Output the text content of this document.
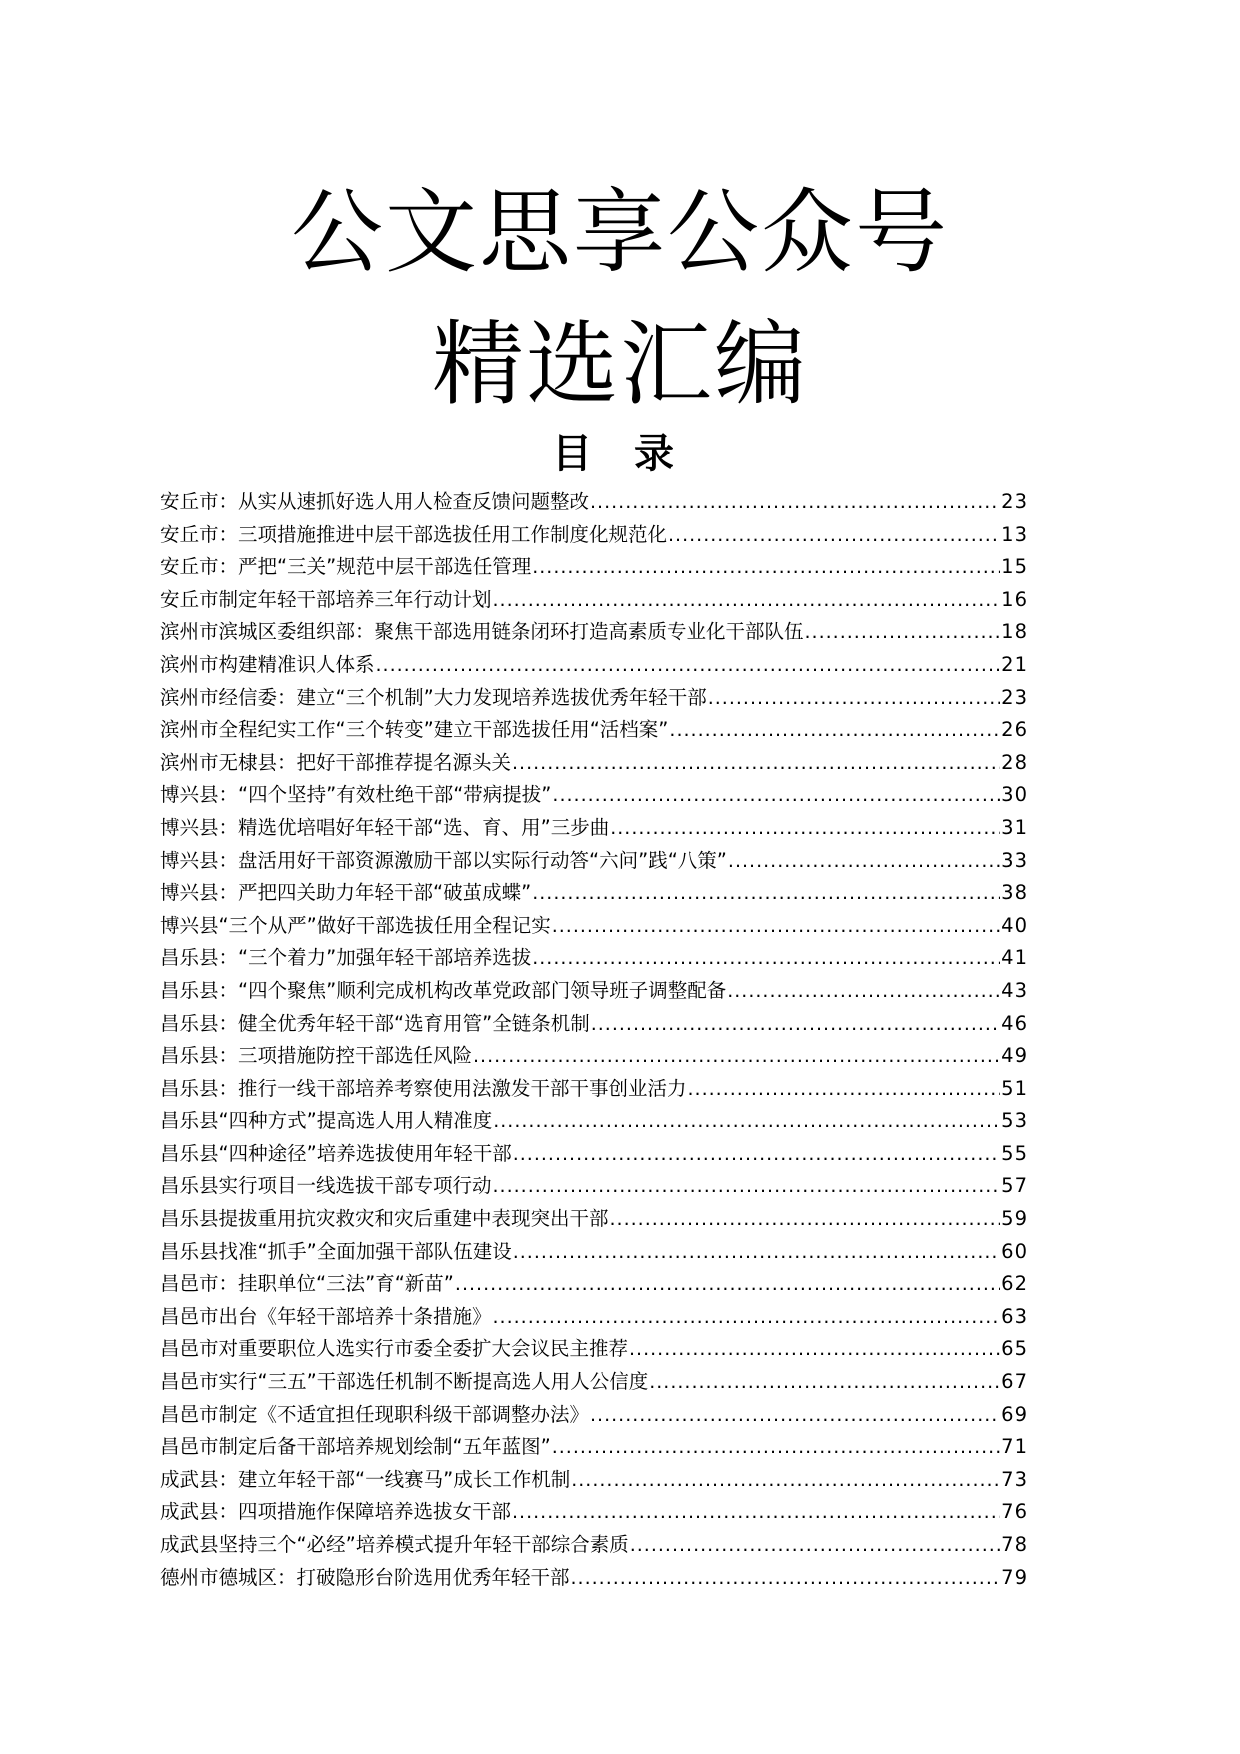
公文思享公众号
精选汇编
目 录
安丘市：从实从速抓好选人用人检查反馈问题整改 .....	23
安丘市：三项措施推进中层干部选拔任用工作制度化规范化 .....	13
安丘市：严把“三关”规范中层干部选任管理 .....	15
安丘市制定年轻干部培养三年行动计划 .....	16
滨州市滨城区委组织部：聚焦干部选用链条闭环打造高素质专业化干部队伍 .....	18
滨州市构建精准识人体系 .....	21
滨州市经信委：建立“三个机制”大力发现培养选拔优秀年轻干部 .....	23
滨州市全程纪实工作“三个转变”建立干部选拔任用“活档案” .....	26
滨州市无棣县：把好干部推荐提名源头关 .....	28
博兴县：“四个坚持”有效杜绝干部“带病提拔” .....	30
博兴县：精选优培唱好年轻干部“选、育、用”三步曲 .....	31
博兴县：盘活用好干部资源激励干部以实际行动答“六问”践“八策” .....	33
博兴县：严把四关助力年轻干部“破茧成蝶” .....	38
博兴县“三个从严”做好干部选拔任用全程记实 .....	40
昌乐县：“三个着力”加强年轻干部培养选拔 .....	41
昌乐县：“四个聚焦”顺利完成机构改革党政部门领导班子调整配备 .....	43
昌乐县：健全优秀年轻干部“选育用管”全链条机制 .....	46
昌乐县：三项措施防控干部选任风险 .....	49
昌乐县：推行一线干部培养考察使用法激发干部干事创业活力 .....	51
昌乐县“四种方式”提高选人用人精准度 .....	53
昌乐县“四种途径”培养选拔使用年轻干部 .....	55
昌乐县实行项目一线选拔干部专项行动 .....	57
昌乐县提拔重用抗灾救灾和灾后重建中表现突出干部 .....	59
昌乐县找准“抓手”全面加强干部队伍建设 .....	60
昌邑市：挂职单位“三法”育“新苗” .....	62
昌邑市出台《年轻干部培养十条措施》 .....	63
昌邑市对重要职位人选实行市委全委扩大会议民主推荐 .....	65
昌邑市实行“三五”干部选任机制不断提高选人用人公信度 .....	67
昌邑市制定《不适宜担任现职科级干部调整办法》 .....	69
昌邑市制定后备干部培养规划绘制“五年蓝图” .....	71
成武县：建立年轻干部“一线赛马”成长工作机制 .....	73
成武县：四项措施作保障培养选拔女干部 .....	76
成武县坚持三个“必经”培养模式提升年轻干部综合素质 .....	78
德州市德城区：打破隐形台阶选用优秀年轻干部 .....	79
